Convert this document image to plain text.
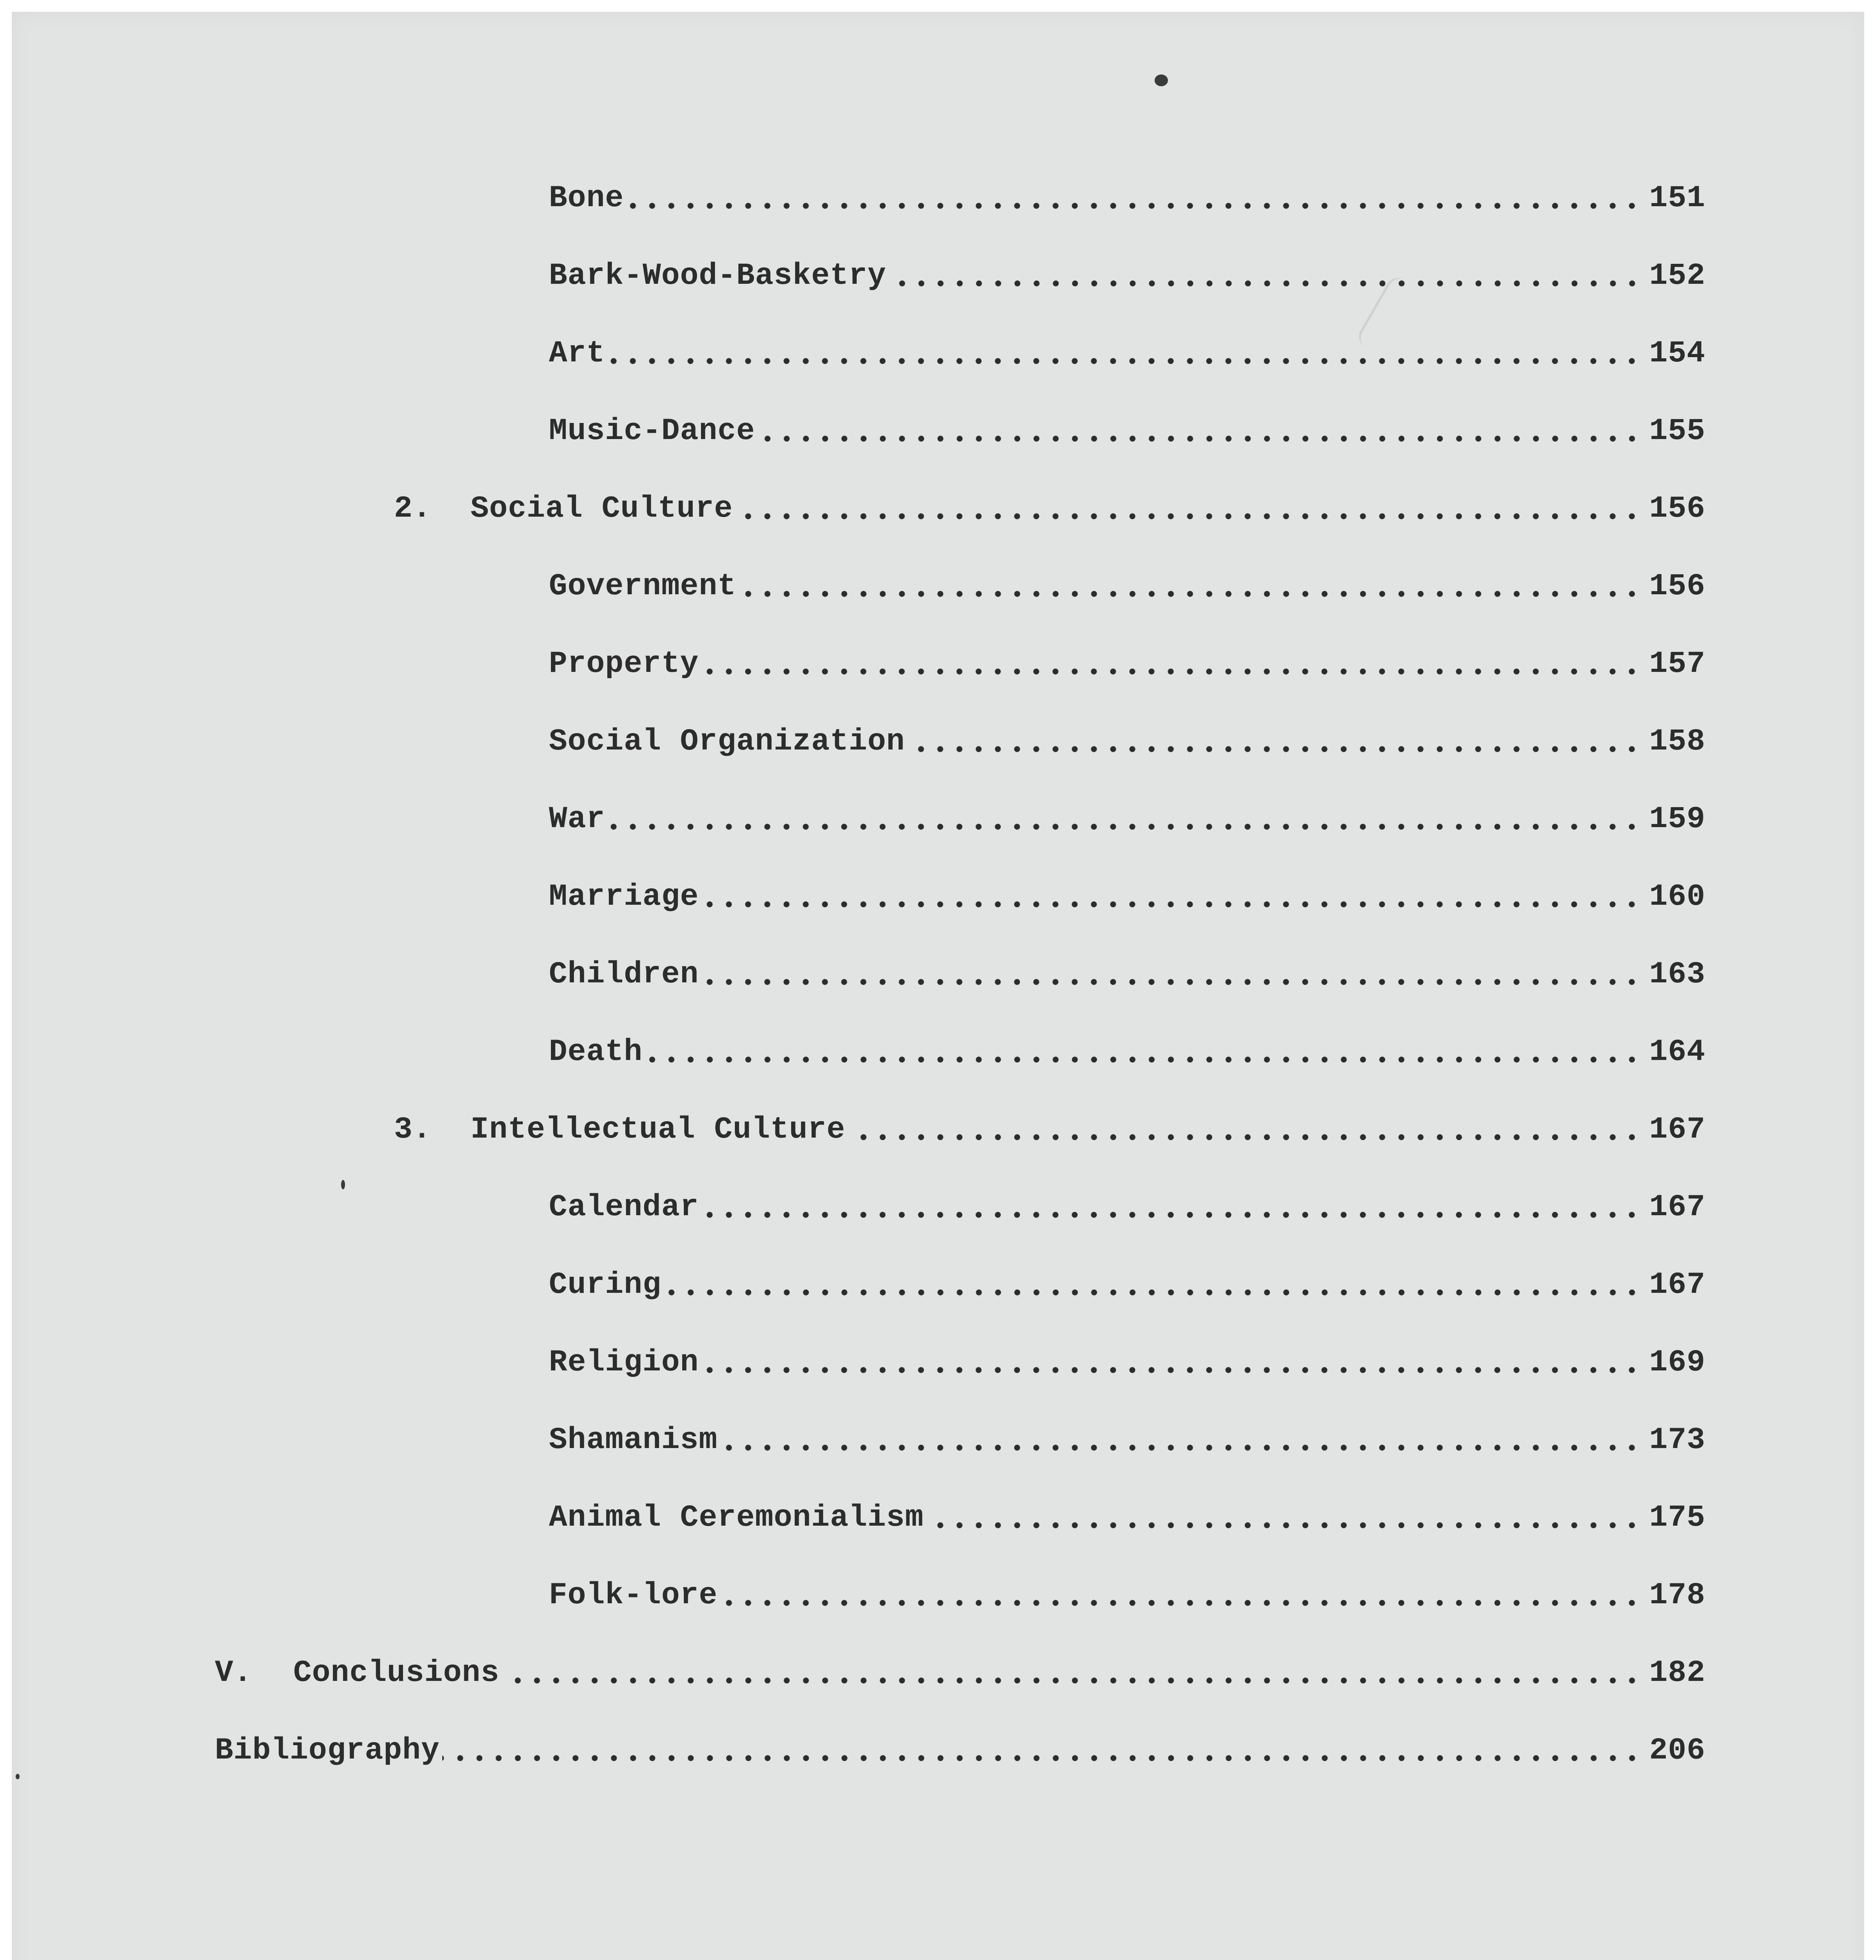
Bone	151
Bark-Wood-Basketry	152
Art	154
Music-Dance	155
2.	Social Culture	156
Government	156
Property	157
Social Organization	158
War	159
Marriage	160
Children	163
Death	164
3.	Intellectual Culture	167
Calendar	167
Curing	167
Religion	169
Shamanism	173
Animal Ceremonialism	175
Folk-lore	178
V.	Conclusions	182
Bibliography	206
